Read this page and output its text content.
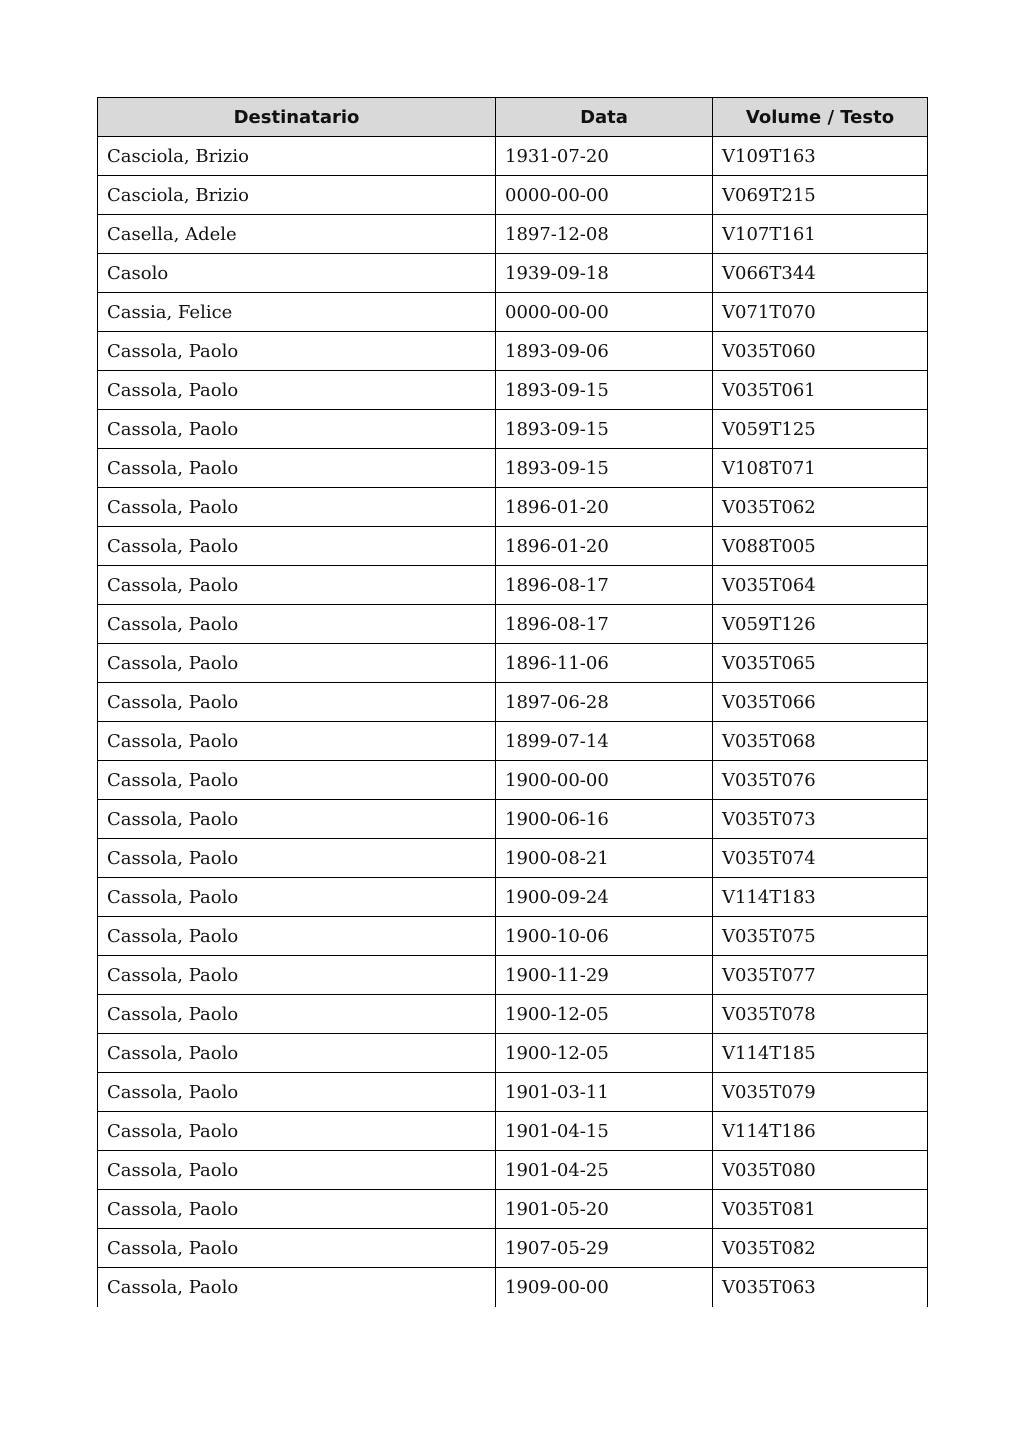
Destinatario	Data	Volume / Testo
Casciola, Brizio	1931-07-20	V109T163
Casciola, Brizio	0000-00-00	V069T215
Casella, Adele	1897-12-08	V107T161
Casolo	1939-09-18	V066T344
Cassia, Felice	0000-00-00	V071T070
Cassola, Paolo	1893-09-06	V035T060
Cassola, Paolo	1893-09-15	V035T061
Cassola, Paolo	1893-09-15	V059T125
Cassola, Paolo	1893-09-15	V108T071
Cassola, Paolo	1896-01-20	V035T062
Cassola, Paolo	1896-01-20	V088T005
Cassola, Paolo	1896-08-17	V035T064
Cassola, Paolo	1896-08-17	V059T126
Cassola, Paolo	1896-11-06	V035T065
Cassola, Paolo	1897-06-28	V035T066
Cassola, Paolo	1899-07-14	V035T068
Cassola, Paolo	1900-00-00	V035T076
Cassola, Paolo	1900-06-16	V035T073
Cassola, Paolo	1900-08-21	V035T074
Cassola, Paolo	1900-09-24	V114T183
Cassola, Paolo	1900-10-06	V035T075
Cassola, Paolo	1900-11-29	V035T077
Cassola, Paolo	1900-12-05	V035T078
Cassola, Paolo	1900-12-05	V114T185
Cassola, Paolo	1901-03-11	V035T079
Cassola, Paolo	1901-04-15	V114T186
Cassola, Paolo	1901-04-25	V035T080
Cassola, Paolo	1901-05-20	V035T081
Cassola, Paolo	1907-05-29	V035T082
Cassola, Paolo	1909-00-00	V035T063
